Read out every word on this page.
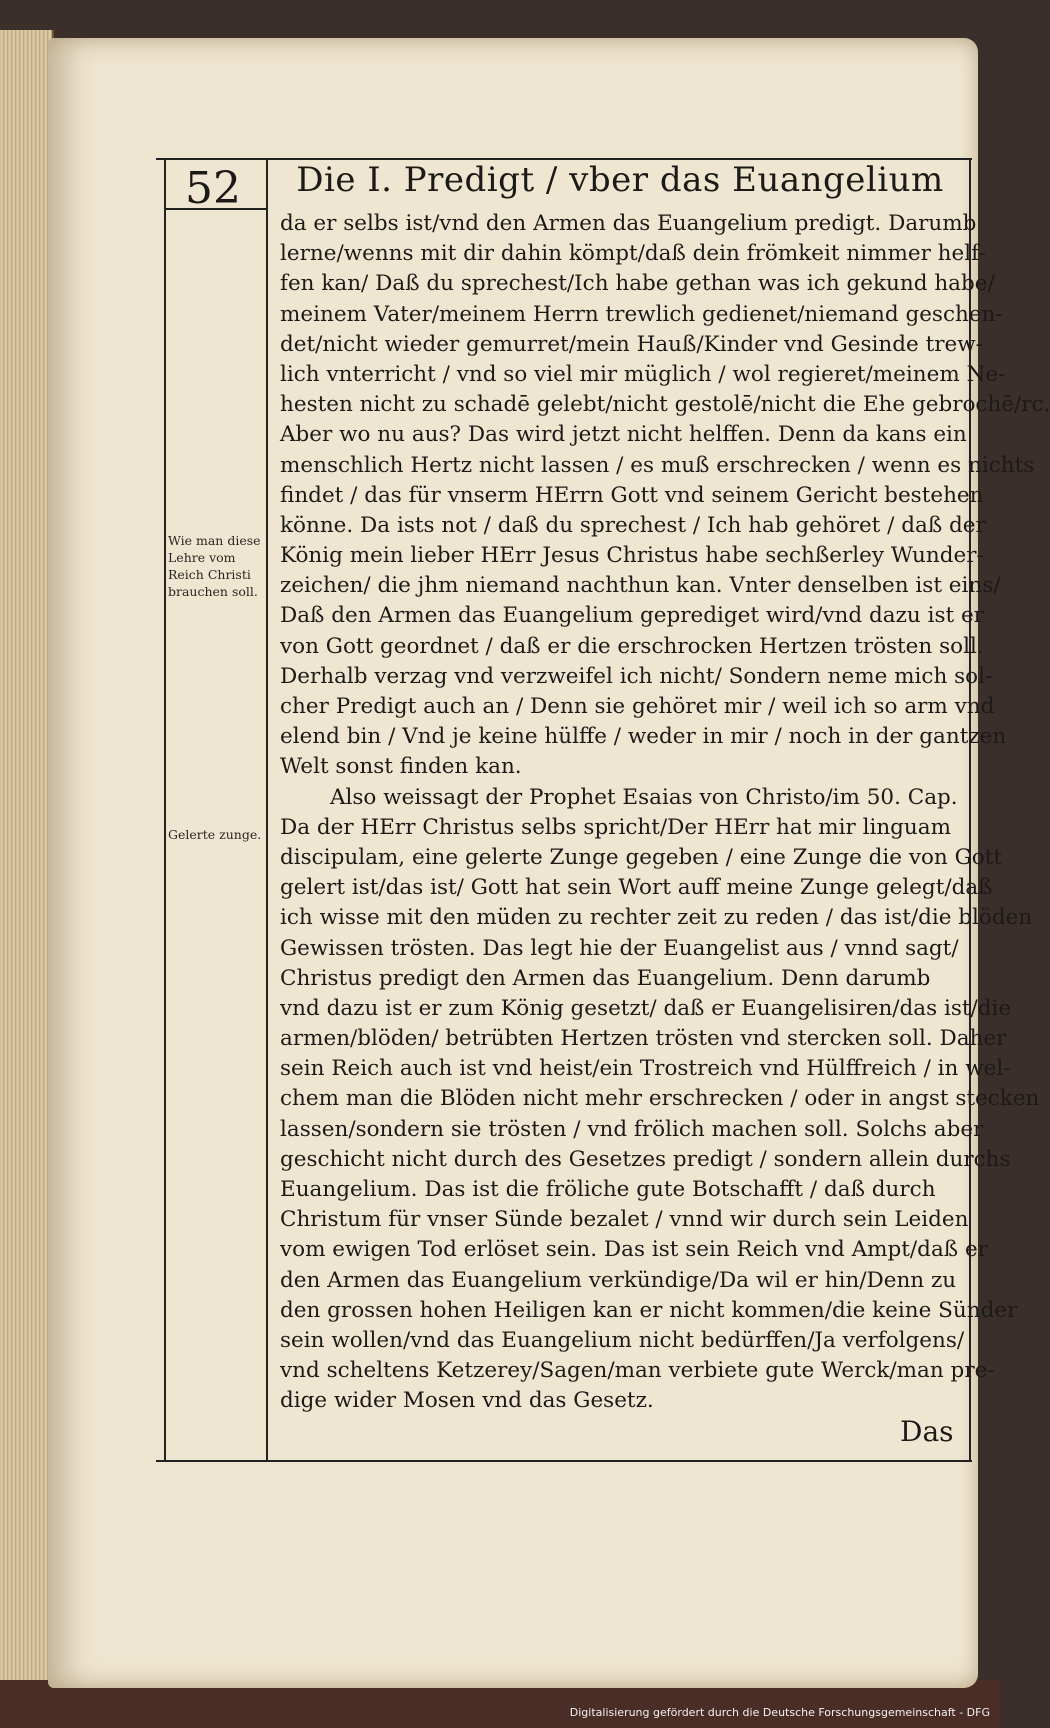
52	Die I. Predigt / vber das Euangelium
Wie man diese Lehre vom Reich Christi brauchen soll.
Gelerte zunge.
da er selbs ist/vnd den Armen das Euangelium predigt. Darumb
lerne/wenns mit dir dahin kömpt/daß dein frömkeit nimmer helf-
fen kan/ Daß du sprechest/Ich habe gethan was ich gekund habe/
meinem Vater/meinem Herrn trewlich gedienet/niemand geschen-
det/nicht wieder gemurret/mein Hauß/Kinder vnd Gesinde trew-
lich vnterricht / vnd so viel mir müglich / wol regieret/meinem Ne-
hesten nicht zu schadē gelebt/nicht gestolē/nicht die Ehe gebrochē/rc.
Aber wo nu aus? Das wird jetzt nicht helffen. Denn da kans ein
menschlich Hertz nicht lassen / es muß erschrecken / wenn es nichts
findet / das für vnserm HErrn Gott vnd seinem Gericht bestehen
könne. Da ists not / daß du sprechest / Ich hab gehöret / daß der
König mein lieber HErr Jesus Christus habe sechßerley Wunder-
zeichen/ die jhm niemand nachthun kan. Vnter denselben ist eins/
Daß den Armen das Euangelium geprediget wird/vnd dazu ist er
von Gott geordnet / daß er die erschrocken Hertzen trösten soll.
Derhalb verzag vnd verzweifel ich nicht/ Sondern neme mich sol-
cher Predigt auch an / Denn sie gehöret mir / weil ich so arm vnd
elend bin / Vnd je keine hülffe / weder in mir / noch in der gantzen
Welt sonst finden kan.
Also weissagt der Prophet Esaias von Christo/im 50. Cap.
Da der HErr Christus selbs spricht/Der HErr hat mir linguam
discipulam, eine gelerte Zunge gegeben / eine Zunge die von Gott
gelert ist/das ist/ Gott hat sein Wort auff meine Zunge gelegt/daß
ich wisse mit den müden zu rechter zeit zu reden / das ist/die blöden
Gewissen trösten. Das legt hie der Euangelist aus / vnnd sagt/
Christus predigt den Armen das Euangelium. Denn darumb
vnd dazu ist er zum König gesetzt/ daß er Euangelisiren/das ist/die
armen/blöden/ betrübten Hertzen trösten vnd stercken soll. Daher
sein Reich auch ist vnd heist/ein Trostreich vnd Hülffreich / in wel-
chem man die Blöden nicht mehr erschrecken / oder in angst stecken
lassen/sondern sie trösten / vnd frölich machen soll. Solchs aber
geschicht nicht durch des Gesetzes predigt / sondern allein durchs
Euangelium. Das ist die fröliche gute Botschafft / daß durch
Christum für vnser Sünde bezalet / vnnd wir durch sein Leiden
vom ewigen Tod erlöset sein. Das ist sein Reich vnd Ampt/daß er
den Armen das Euangelium verkündige/Da wil er hin/Denn zu
den grossen hohen Heiligen kan er nicht kommen/die keine Sünder
sein wollen/vnd das Euangelium nicht bedürffen/Ja verfolgens/
vnd scheltens Ketzerey/Sagen/man verbiete gute Werck/man pre-
dige wider Mosen vnd das Gesetz.
Das
Digitalisierung gefördert durch die Deutsche Forschungsgemeinschaft - DFG
